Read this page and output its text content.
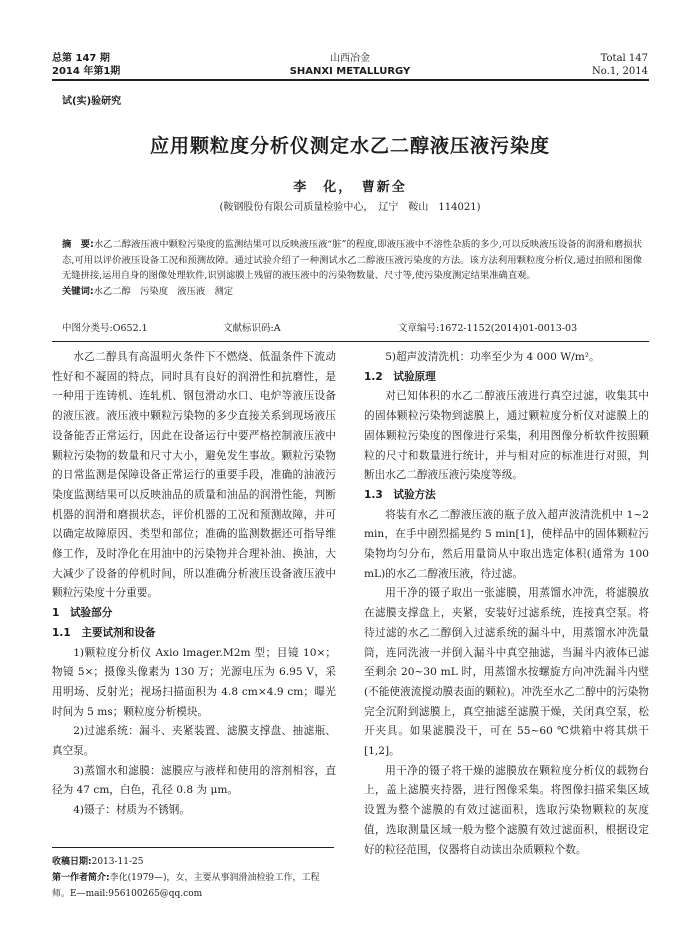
总第 147 期
2014 年第1期
山西冶金
SHANXI METALLURGY
Total 147
No.1, 2014
试(实)验研究
应用颗粒度分析仪测定水乙二醇液压液污染度
李　化，　曹新全
(鞍钢股份有限公司质量检验中心，　辽宁　鞍山　114021)
摘　要:水乙二醇液压液中颗粒污染度的监测结果可以反映液压液“脏”的程度,即液压液中不溶性杂质的多少,可以反映液压设备的润滑和磨损状态,可用以评价液压设备工况和预测故障。通过试验介绍了一种测试水乙二醇液压液污染度的方法。该方法利用颗粒度分析仪,通过拍照和图像无缝拼接,运用自身的图像处理软件,识别滤膜上残留的液压液中的污染物数量、尺寸等,使污染度测定结果准确直观。
关键词:水乙二醇　污染度　液压液　测定
中图分类号:O652.1	文献标识码:A	文章编号:1672-1152(2014)01-0013-03

水乙二醇具有高温明火条件下不燃烧、低温条件下流动性好和不凝固的特点，同时具有良好的润滑性和抗磨性，是一种用于连铸机、连轧机、钢包滑动水口、电炉等液压设备的液压液。液压液中颗粒污染物的多少直接关系到现场液压设备能否正常运行，因此在设备运行中要严格控制液压液中颗粒污染物的数量和尺寸大小，避免发生事故。颗粒污染物的日常监测是保障设备正常运行的重要手段，准确的油液污染度监测结果可以反映油品的质量和油品的润滑性能，判断机器的润滑和磨损状态，评价机器的工况和预测故障，并可以确定故障原因、类型和部位；准确的监测数据还可指导维修工作，及时净化在用油中的污染物并合理补油、换油，大大减少了设备的停机时间，所以准确分析液压设备液压液中颗粒污染度十分重要。

1　试验部分

1.1　主要试剂和设备

1)颗粒度分析仪 Axio lmager.M2m 型；目镜 10×；物镜 5×；摄像头像素为 130 万；光源电压为 6.95 V，采用明场、反射光；视场扫描面积为 4.8 cm×4.9 cm；曝光时间为 5 ms；颗粒度分析模块。

2)过滤系统：漏斗、夹紧装置、滤膜支撑盘、抽滤瓶、真空泵。

3)蒸馏水和滤膜：滤膜应与液样和使用的溶剂相容，直径为 47 cm，白色，孔径 0.8 为 μm。

4)镊子：材质为不锈钢。

收稿日期:2013-11-25
第一作者简介:李化(1979—)，女，主要从事润滑油检验工作，工程师。E—mail:956100265@qq.com

5)超声波清洗机：功率至少为 4 000 W/m²。

1.2　试验原理

对已知体积的水乙二醇液压液进行真空过滤，收集其中的固体颗粒污染物到滤膜上，通过颗粒度分析仪对滤膜上的固体颗粒污染度的图像进行采集，利用图像分析软件按照颗粒的尺寸和数量进行统计，并与相对应的标准进行对照，判断出水乙二醇液压液污染度等级。

1.3　试验方法

将装有水乙二醇液压液的瓶子放入超声波清洗机中 1~2 min，在手中剧烈摇晃约 5 min[1]，使样品中的固体颗粒污染物均匀分布，然后用量筒从中取出选定体积(通常为 100 mL)的水乙二醇液压液，待过滤。

用干净的镊子取出一张滤膜，用蒸馏水冲洗，将滤膜放在滤膜支撑盘上，夹紧，安装好过滤系统，连接真空泵。将待过滤的水乙二醇倒入过滤系统的漏斗中，用蒸馏水冲洗量筒，连同洗液一并倒入漏斗中真空抽滤，当漏斗内液体已滤至剩余 20~30 mL 时，用蒸馏水按螺旋方向冲洗漏斗内壁(不能使液流搅动膜表面的颗粒)。冲洗至水乙二醇中的污染物完全沉附到滤膜上，真空抽滤至滤膜干燥，关闭真空泵，松开夹具。如果滤膜没干，可在 55~60 ℃烘箱中将其烘干[1,2]。

用干净的镊子将干燥的滤膜放在颗粒度分析仪的载物台上，盖上滤膜夹持器，进行图像采集。将图像扫描采集区域设置为整个滤膜的有效过滤面积，选取污染物颗粒的灰度值，选取测量区域一般为整个滤膜有效过滤面积，根据设定好的粒径范围，仪器将自动读出杂质颗粒个数。
